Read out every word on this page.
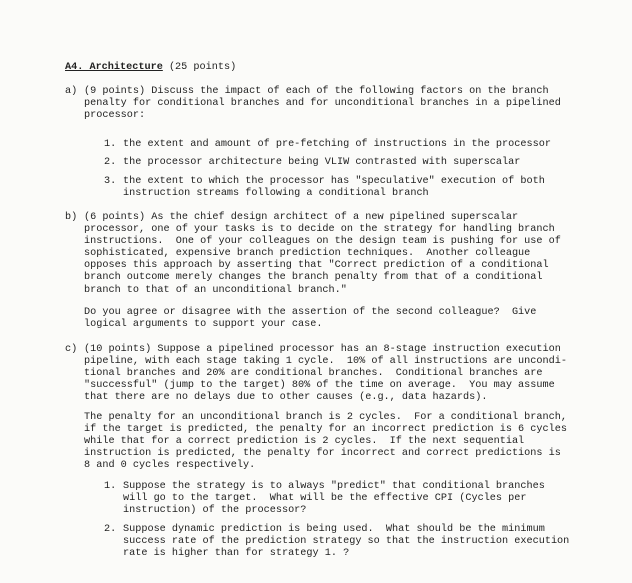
A4. Architecture (25 points)
a) (9 points) Discuss the impact of each of the following factors on the branch
penalty for conditional branches and for unconditional branches in a pipelined
processor:
1. the extent and amount of pre-fetching of instructions in the processor
2. the processor architecture being VLIW contrasted with superscalar
3. the extent to which the processor has "speculative" execution of both
instruction streams following a conditional branch
b) (6 points) As the chief design architect of a new pipelined superscalar
processor, one of your tasks is to decide on the strategy for handling branch
instructions.  One of your colleagues on the design team is pushing for use of
sophisticated, expensive branch prediction techniques.  Another colleague
opposes this approach by asserting that "Correct prediction of a conditional
branch outcome merely changes the branch penalty from that of a conditional
branch to that of an unconditional branch."
Do you agree or disagree with the assertion of the second colleague?  Give
logical arguments to support your case.
c) (10 points) Suppose a pipelined processor has an 8-stage instruction execution
pipeline, with each stage taking 1 cycle.  10% of all instructions are uncondi-
tional branches and 20% are conditional branches.  Conditional branches are
"successful" (jump to the target) 80% of the time on average.  You may assume
that there are no delays due to other causes (e.g., data hazards).
The penalty for an unconditional branch is 2 cycles.  For a conditional branch,
if the target is predicted, the penalty for an incorrect prediction is 6 cycles
while that for a correct prediction is 2 cycles.  If the next sequential
instruction is predicted, the penalty for incorrect and correct predictions is
8 and 0 cycles respectively.
1. Suppose the strategy is to always "predict" that conditional branches
will go to the target.  What will be the effective CPI (Cycles per
instruction) of the processor?
2. Suppose dynamic prediction is being used.  What should be the minimum
success rate of the prediction strategy so that the instruction execution
rate is higher than for strategy 1. ?
